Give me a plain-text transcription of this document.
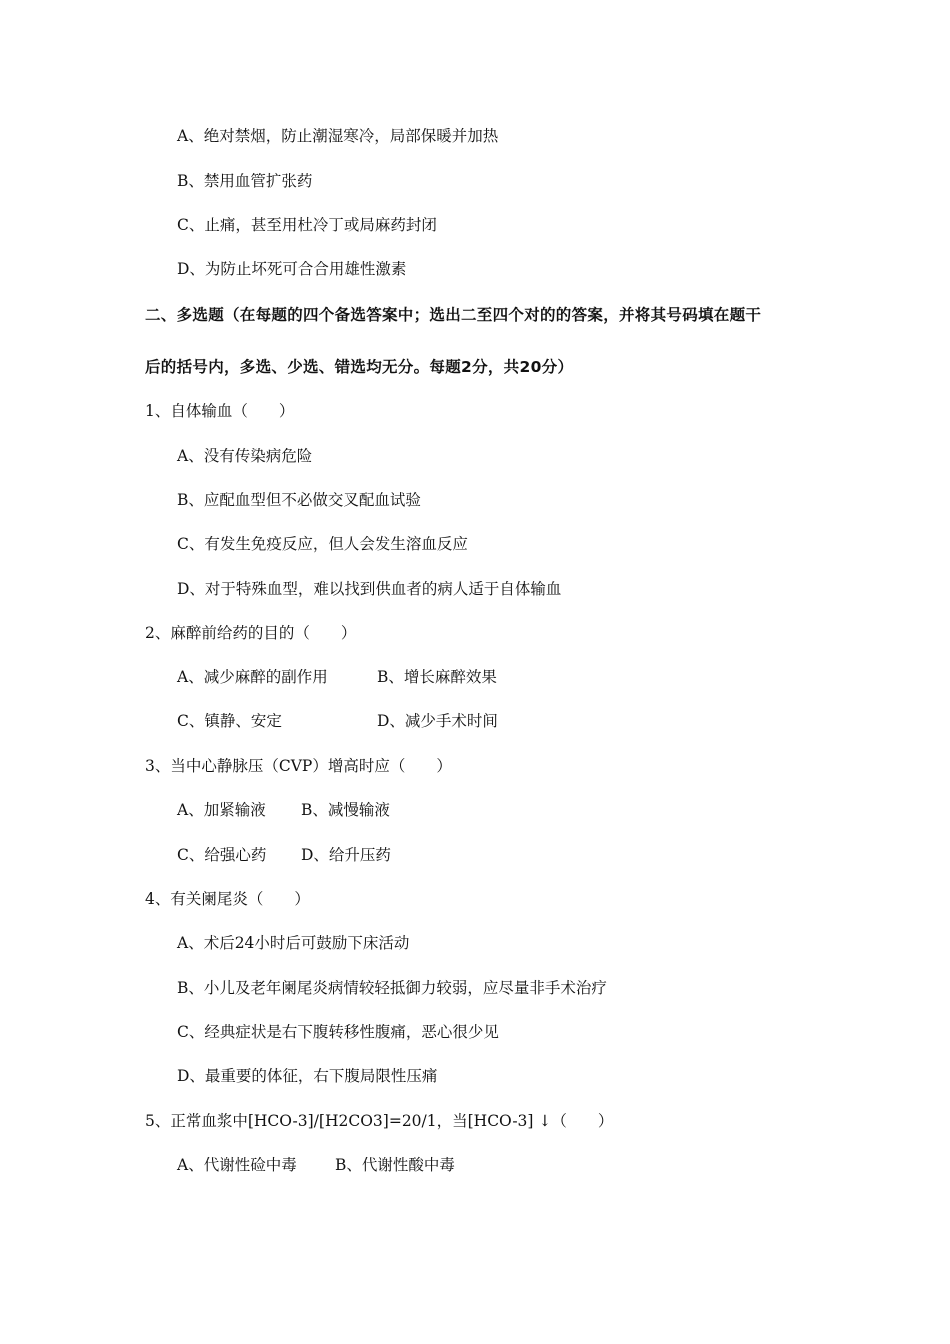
A、绝对禁烟，防止潮湿寒冷，局部保暖并加热
B、禁用血管扩张药
C、止痛，甚至用杜冷丁或局麻药封闭
D、为防止坏死可合合用雄性激素
二、多选题（在每题的四个备选答案中；选出二至四个对的的答案，并将其号码填在题干
后的括号内，多选、少选、错选均无分。每题2分，共20分）
1、自体输血（　　）
A、没有传染病危险
B、应配血型但不必做交叉配血试验
C、有发生免疫反应，但人会发生溶血反应
D、对于特殊血型，难以找到供血者的病人适于自体输血
2、麻醉前给药的目的（　　）
A、减少麻醉的副作用	B、增长麻醉效果
C、镇静、安定	D、减少手术时间
3、当中心静脉压（CVP）增高时应（　　）
A、加紧输液 B、减慢输液
C、给强心药 D、给升压药
4、有关阑尾炎（　　）
A、术后24小时后可鼓励下床活动
B、小儿及老年阑尾炎病情较轻抵御力较弱，应尽量非手术治疗
C、经典症状是右下腹转移性腹痛，恶心很少见
D、最重要的体征，右下腹局限性压痛
5、正常血浆中[HCO-3]/[H2CO3]=20/1，当[HCO-3] ↓（　　）
A、代谢性硷中毒 B、代谢性酸中毒
